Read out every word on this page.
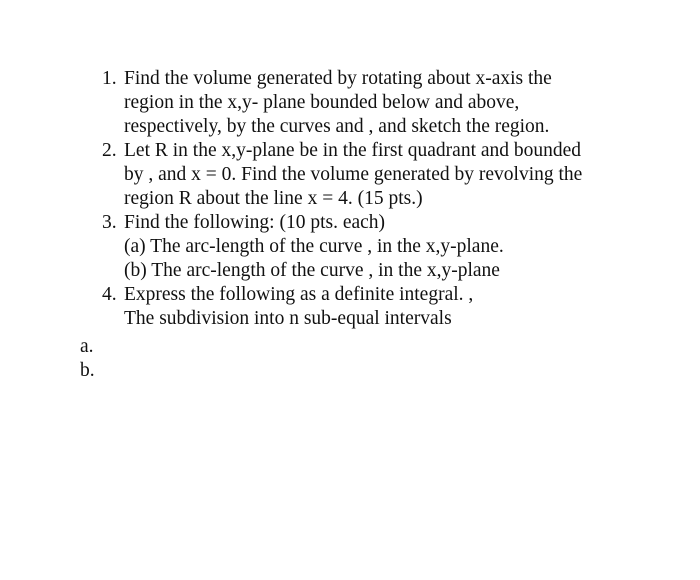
1. Find the volume generated by rotating about x-axis the
region in the x,y- plane bounded below and above,
respectively, by the curves and , and sketch the region.
2. Let R in the x,y-plane be in the first quadrant and bounded
by , and x = 0. Find the volume generated by revolving the
region R about the line x = 4. (15 pts.)
3. Find the following: (10 pts. each)
(a) The arc-length of the curve , in the x,y-plane.
(b) The arc-length of the curve , in the x,y-plane
4. Express the following as a definite integral. ,
The subdivision into n sub-equal intervals
a.
b.
